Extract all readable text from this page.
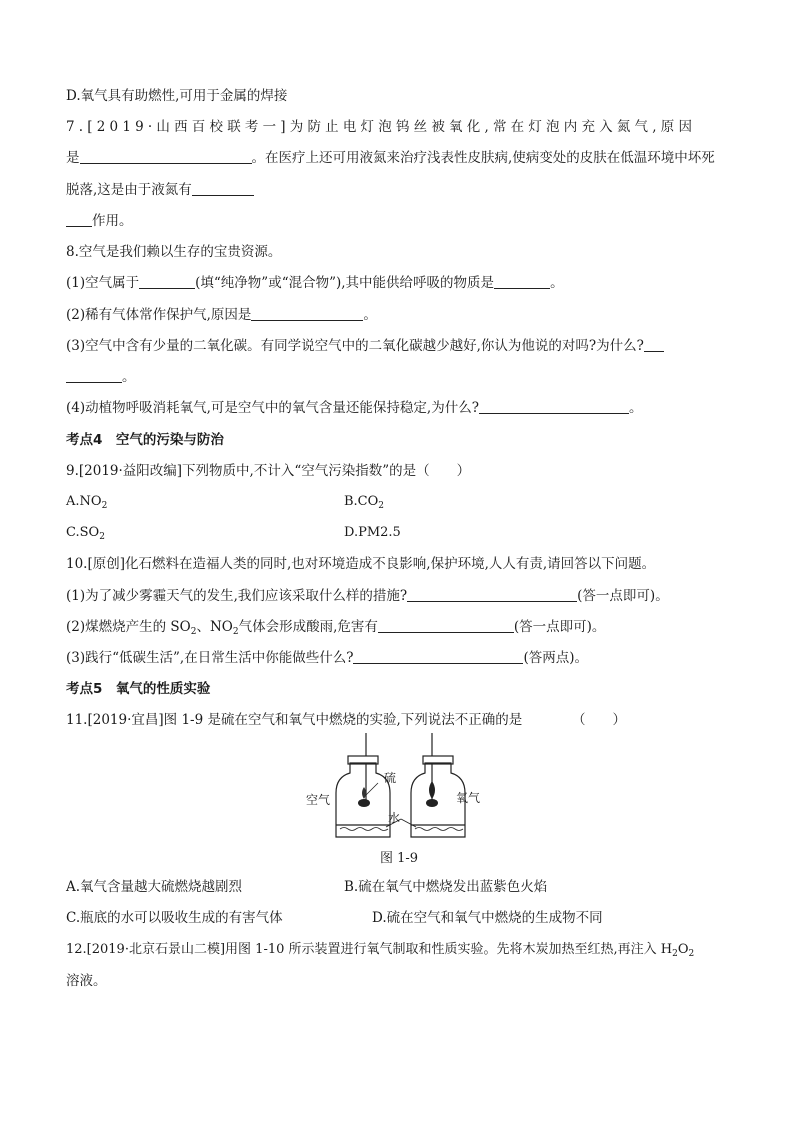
D.氧气具有助燃性,可用于金属的焊接
7.[2019·山西百校联考一]为防止电灯泡钨丝被氧化,常在灯泡内充入氮气,原因
是	。在医疗上还可用液氮来治疗浅表性皮肤病,使病变处的皮肤在低温环境中坏死
脱落,这是由于液氮有
作用。
8.空气是我们赖以生存的宝贵资源。
(1)空气属于	(填“纯净物”或“混合物”),其中能供给呼吸的物质是	。
(2)稀有气体常作保护气,原因是	。
(3)空气中含有少量的二氧化碳。有同学说空气中的二氧化碳越少越好,你认为他说的对吗?为什么?
。
(4)动植物呼吸消耗氧气,可是空气中的氧气含量还能保持稳定,为什么?	。
考点4　空气的污染与防治
9.[2019·益阳改编]下列物质中,不计入“空气污染指数”的是（　　）
$A.NO_2$	$B.CO_2$
$C.SO_2$	D.PM2.5
10.[原创]化石燃料在造福人类的同时,也对环境造成不良影响,保护环境,人人有责,请回答以下问题。
(1)为了减少雾霾天气的发生,我们应该采取什么样的措施?	(答一点即可)。
(2)煤燃烧产生的 $SO_2$、$NO_2$气体会形成酸雨,危害有	(答一点即可)。
(3)践行“低碳生活”,在日常生活中你能做些什么?	(答两点)。
考点5　氧气的性质实验
11.[2019·宜昌]图 1-9 是硫在空气和氧气中燃烧的实验,下列说法不正确的是	（　　）
空气
硫
氧气
水
图 1-9
A.氧气含量越大硫燃烧越剧烈	B.硫在氧气中燃烧发出蓝紫色火焰
C.瓶底的水可以吸收生成的有害气体	D.硫在空气和氧气中燃烧的生成物不同
12.[2019·北京石景山二模]用图 1-10 所示装置进行氧气制取和性质实验。先将木炭加热至红热,再注入 $H_2O_2$
溶液。
